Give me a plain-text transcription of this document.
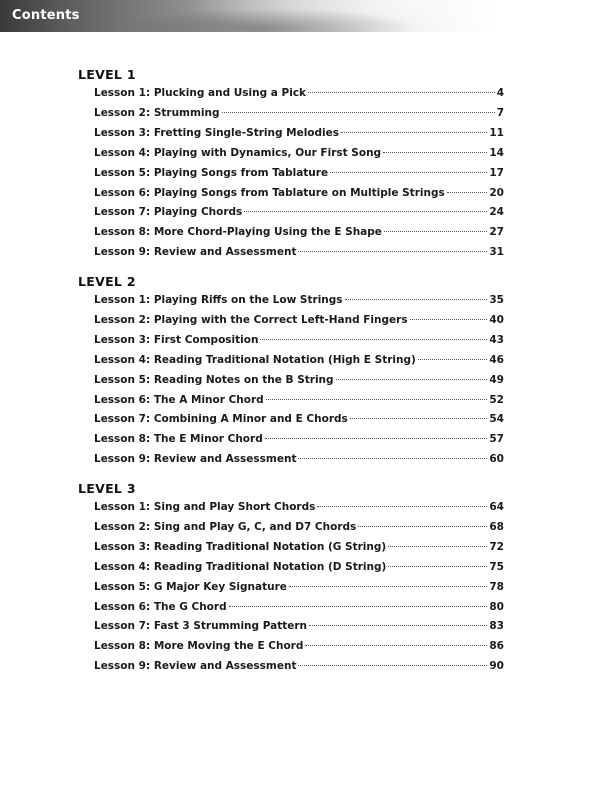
Contents
LEVEL 1
Lesson 1: Plucking and Using a Pick	4
Lesson 2: Strumming	7
Lesson 3: Fretting Single-String Melodies	11
Lesson 4: Playing with Dynamics, Our First Song	14
Lesson 5: Playing Songs from Tablature	17
Lesson 6: Playing Songs from Tablature on Multiple Strings	20
Lesson 7: Playing Chords	24
Lesson 8: More Chord-Playing Using the E Shape	27
Lesson 9: Review and Assessment	31
LEVEL 2
Lesson 1: Playing Riffs on the Low Strings	35
Lesson 2: Playing with the Correct Left-Hand Fingers	40
Lesson 3: First Composition	43
Lesson 4: Reading Traditional Notation (High E String)	46
Lesson 5: Reading Notes on the B String	49
Lesson 6: The A Minor Chord	52
Lesson 7: Combining A Minor and E Chords	54
Lesson 8: The E Minor Chord	57
Lesson 9: Review and Assessment	60
LEVEL 3
Lesson 1: Sing and Play Short Chords	64
Lesson 2: Sing and Play G, C, and D7 Chords	68
Lesson 3: Reading Traditional Notation (G String)	72
Lesson 4: Reading Traditional Notation (D String)	75
Lesson 5: G Major Key Signature	78
Lesson 6: The G Chord	80
Lesson 7: Fast 3 Strumming Pattern	83
Lesson 8: More Moving the E Chord	86
Lesson 9: Review and Assessment	90
